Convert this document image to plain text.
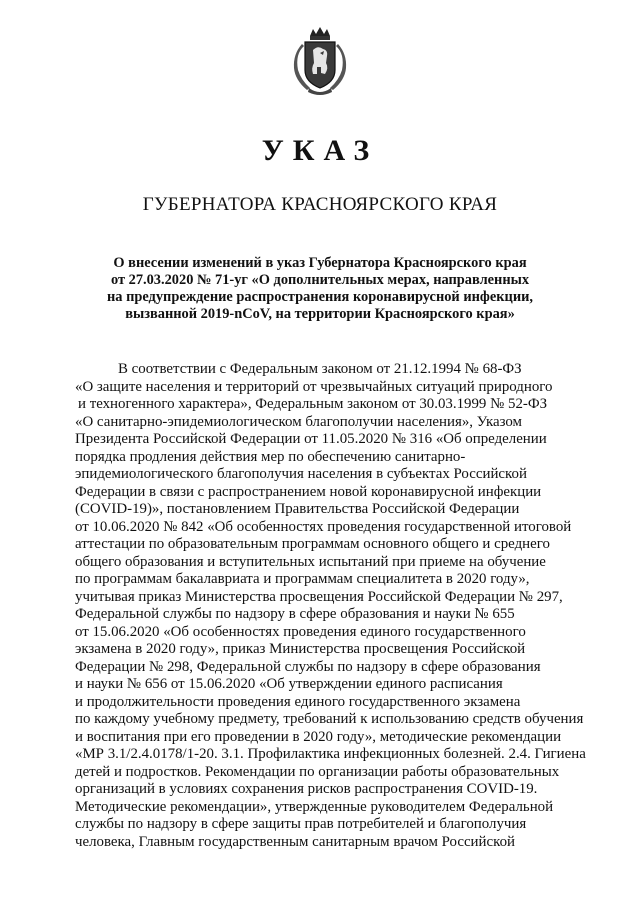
УКАЗ
ГУБЕРНАТОРА КРАСНОЯРСКОГО КРАЯ
О внесении изменений в указ Губернатора Красноярского края
от 27.03.2020 № 71-уг «О дополнительных мерах, направленных
на предупреждение распространения коронавирусной инфекции,
вызванной 2019-nCoV, на территории Красноярского края»
В соответствии с Федеральным законом от 21.12.1994 № 68-ФЗ
«О защите населения и территорий от чрезвычайных ситуаций природного
и техногенного характера», Федеральным законом от 30.03.1999 № 52-ФЗ
«О санитарно-эпидемиологическом благополучии населения», Указом
Президента Российской Федерации от 11.05.2020 № 316 «Об определении
порядка продления действия мер по обеспечению санитарно-
эпидемиологического благополучия населения в субъектах Российской
Федерации в связи с распространением новой коронавирусной инфекции
(COVID-19)», постановлением Правительства Российской Федерации
от 10.06.2020 № 842 «Об особенностях проведения государственной итоговой
аттестации по образовательным программам основного общего и среднего
общего образования и вступительных испытаний при приеме на обучение
по программам бакалавриата и программам специалитета в 2020 году»,
учитывая приказ Министерства просвещения Российской Федерации № 297,
Федеральной службы по надзору в сфере образования и науки № 655
от 15.06.2020 «Об особенностях проведения единого государственного
экзамена в 2020 году», приказ Министерства просвещения Российской
Федерации № 298, Федеральной службы по надзору в сфере образования
и науки № 656 от 15.06.2020 «Об утверждении единого расписания
и продолжительности проведения единого государственного экзамена
по каждому учебному предмету, требований к использованию средств обучения
и воспитания при его проведении в 2020 году», методические рекомендации
«МР 3.1/2.4.0178/1-20. 3.1. Профилактика инфекционных болезней. 2.4. Гигиена
детей и подростков. Рекомендации по организации работы образовательных
организаций в условиях сохранения рисков распространения COVID-19.
Методические рекомендации», утвержденные руководителем Федеральной
службы по надзору в сфере защиты прав потребителей и благополучия
человека, Главным государственным санитарным врачом Российской
